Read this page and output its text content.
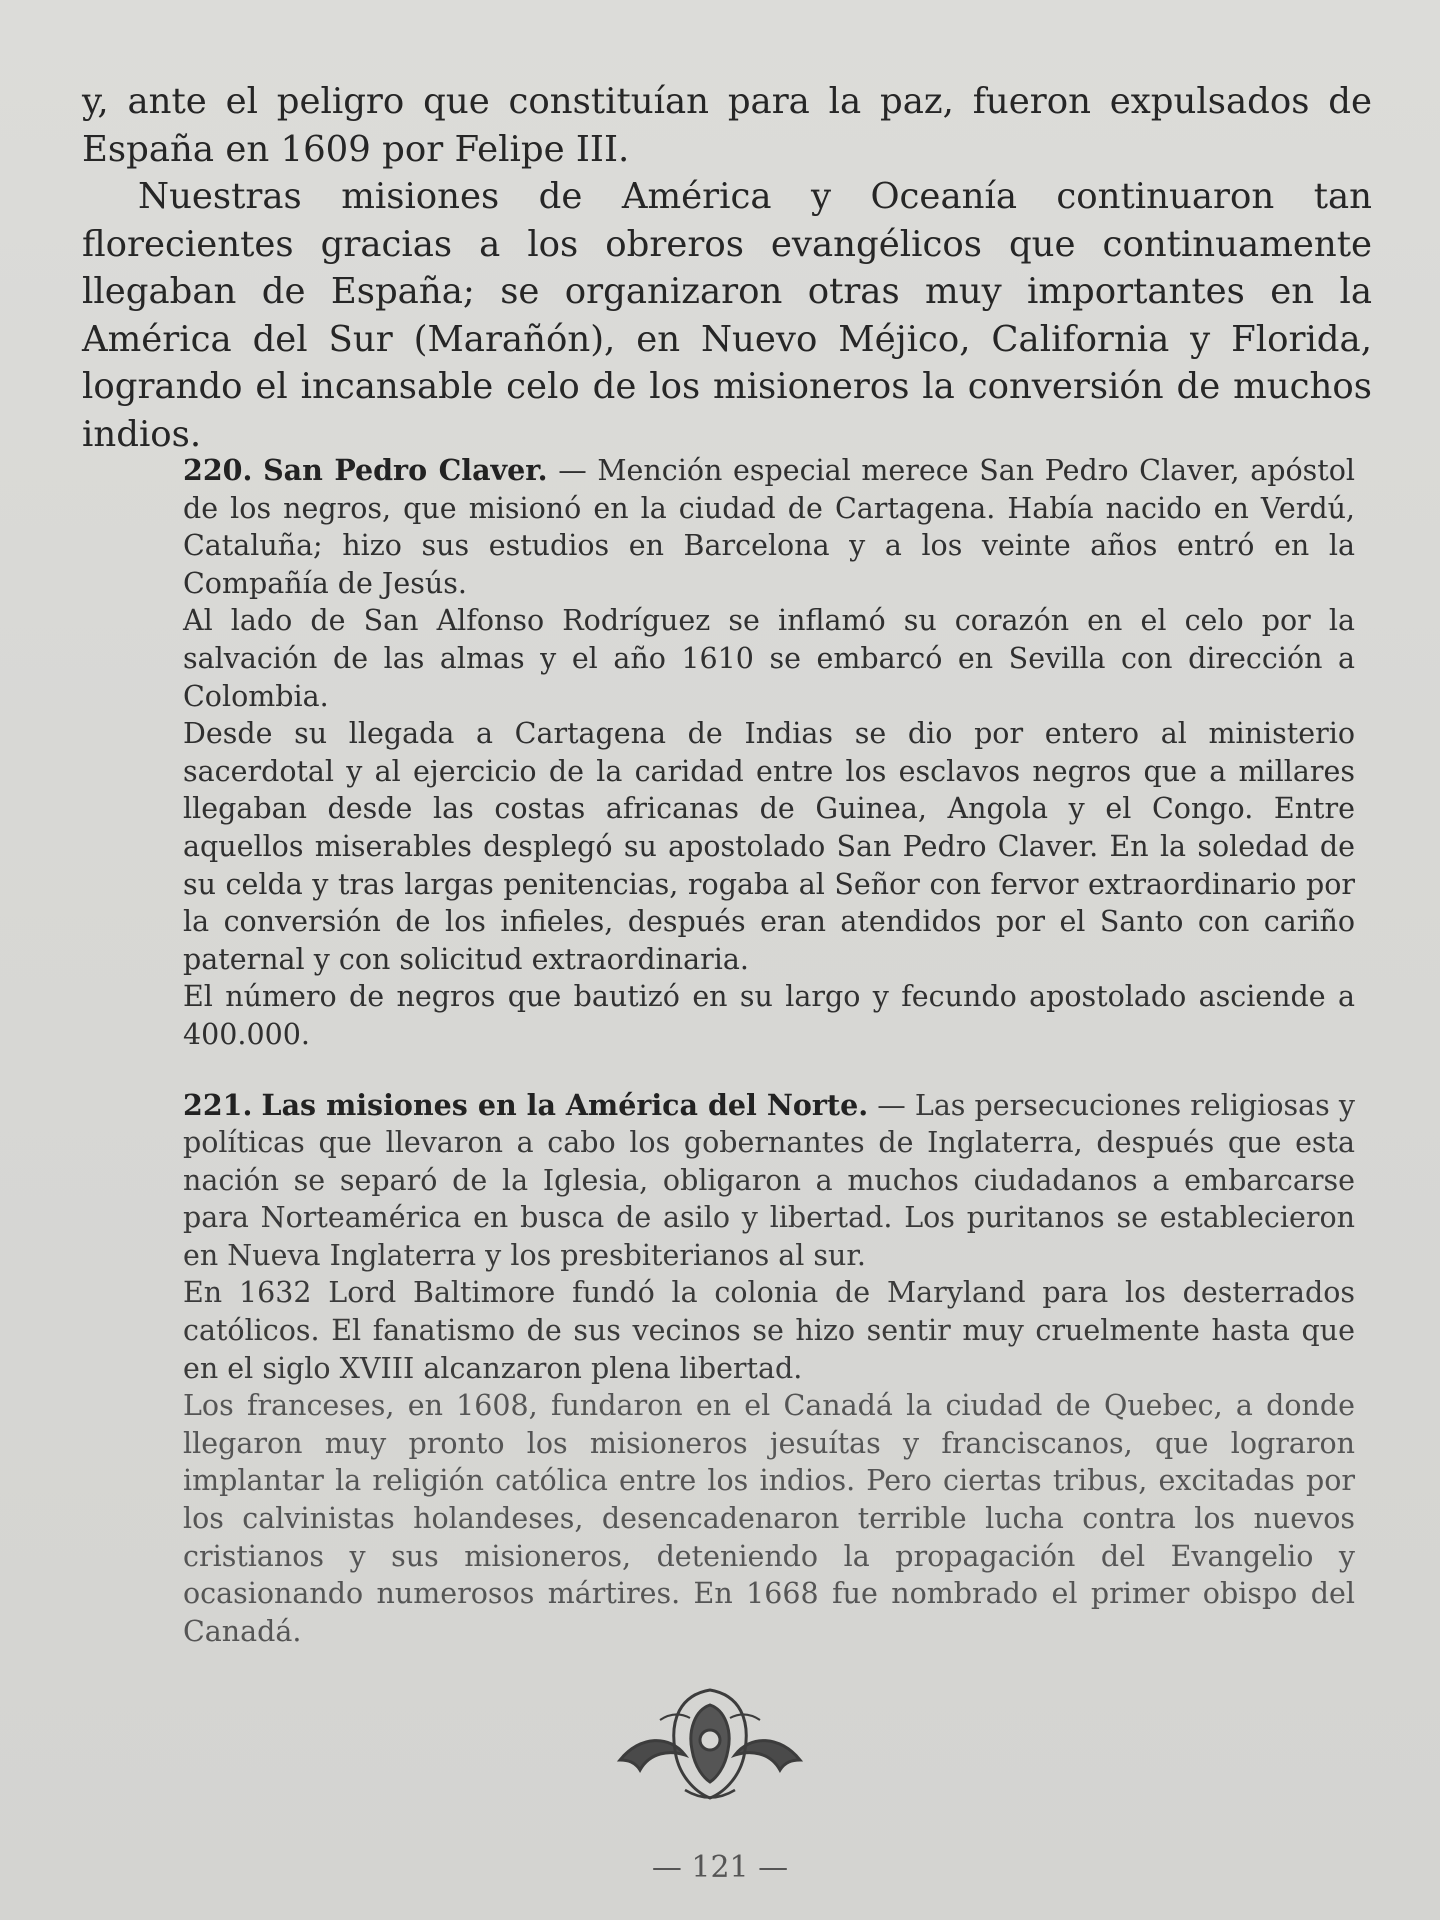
y, ante el peligro que constituían para la paz, fueron expulsados de España en 1609 por Felipe III.

Nuestras misiones de América y Oceanía continuaron tan florecientes gracias a los obreros evangélicos que continuamente llegaban de España; se organizaron otras muy importantes en la América del Sur (Marañón), en Nuevo Méjico, California y Florida, logrando el incansable celo de los misioneros la conversión de muchos indios.

220. San Pedro Claver. — Mención especial merece San Pedro Claver, apóstol de los negros, que misionó en la ciudad de Cartagena. Había nacido en Verdú, Cataluña; hizo sus estudios en Barcelona y a los veinte años entró en la Compañía de Jesús.

Al lado de San Alfonso Rodríguez se inflamó su corazón en el celo por la salvación de las almas y el año 1610 se embarcó en Sevilla con dirección a Colombia.

Desde su llegada a Cartagena de Indias se dio por entero al ministerio sacerdotal y al ejercicio de la caridad entre los esclavos negros que a millares llegaban desde las costas africanas de Guinea, Angola y el Congo. Entre aquellos miserables desplegó su apostolado San Pedro Claver. En la soledad de su celda y tras largas penitencias, rogaba al Señor con fervor extraordinario por la conversión de los infieles, después eran atendidos por el Santo con cariño paternal y con solicitud extraordinaria.

El número de negros que bautizó en su largo y fecundo apostolado asciende a 400.000.

221. Las misiones en la América del Norte. — Las persecuciones religiosas y políticas que llevaron a cabo los gobernantes de Inglaterra, después que esta nación se separó de la Iglesia, obligaron a muchos ciudadanos a embarcarse para Norteamérica en busca de asilo y libertad. Los puritanos se establecieron en Nueva Inglaterra y los presbiterianos al sur.

En 1632 Lord Baltimore fundó la colonia de Maryland para los desterrados católicos. El fanatismo de sus vecinos se hizo sentir muy cruelmente hasta que en el siglo XVIII alcanzaron plena libertad.

Los franceses, en 1608, fundaron en el Canadá la ciudad de Quebec, a donde llegaron muy pronto los misioneros jesuítas y franciscanos, que lograron implantar la religión católica entre los indios. Pero ciertas tribus, excitadas por los calvinistas holandeses, desencadenaron terrible lucha contra los nuevos cristianos y sus misioneros, deteniendo la propagación del Evangelio y ocasionando numerosos mártires. En 1668 fue nombrado el primer obispo del Canadá.

— 121 —
